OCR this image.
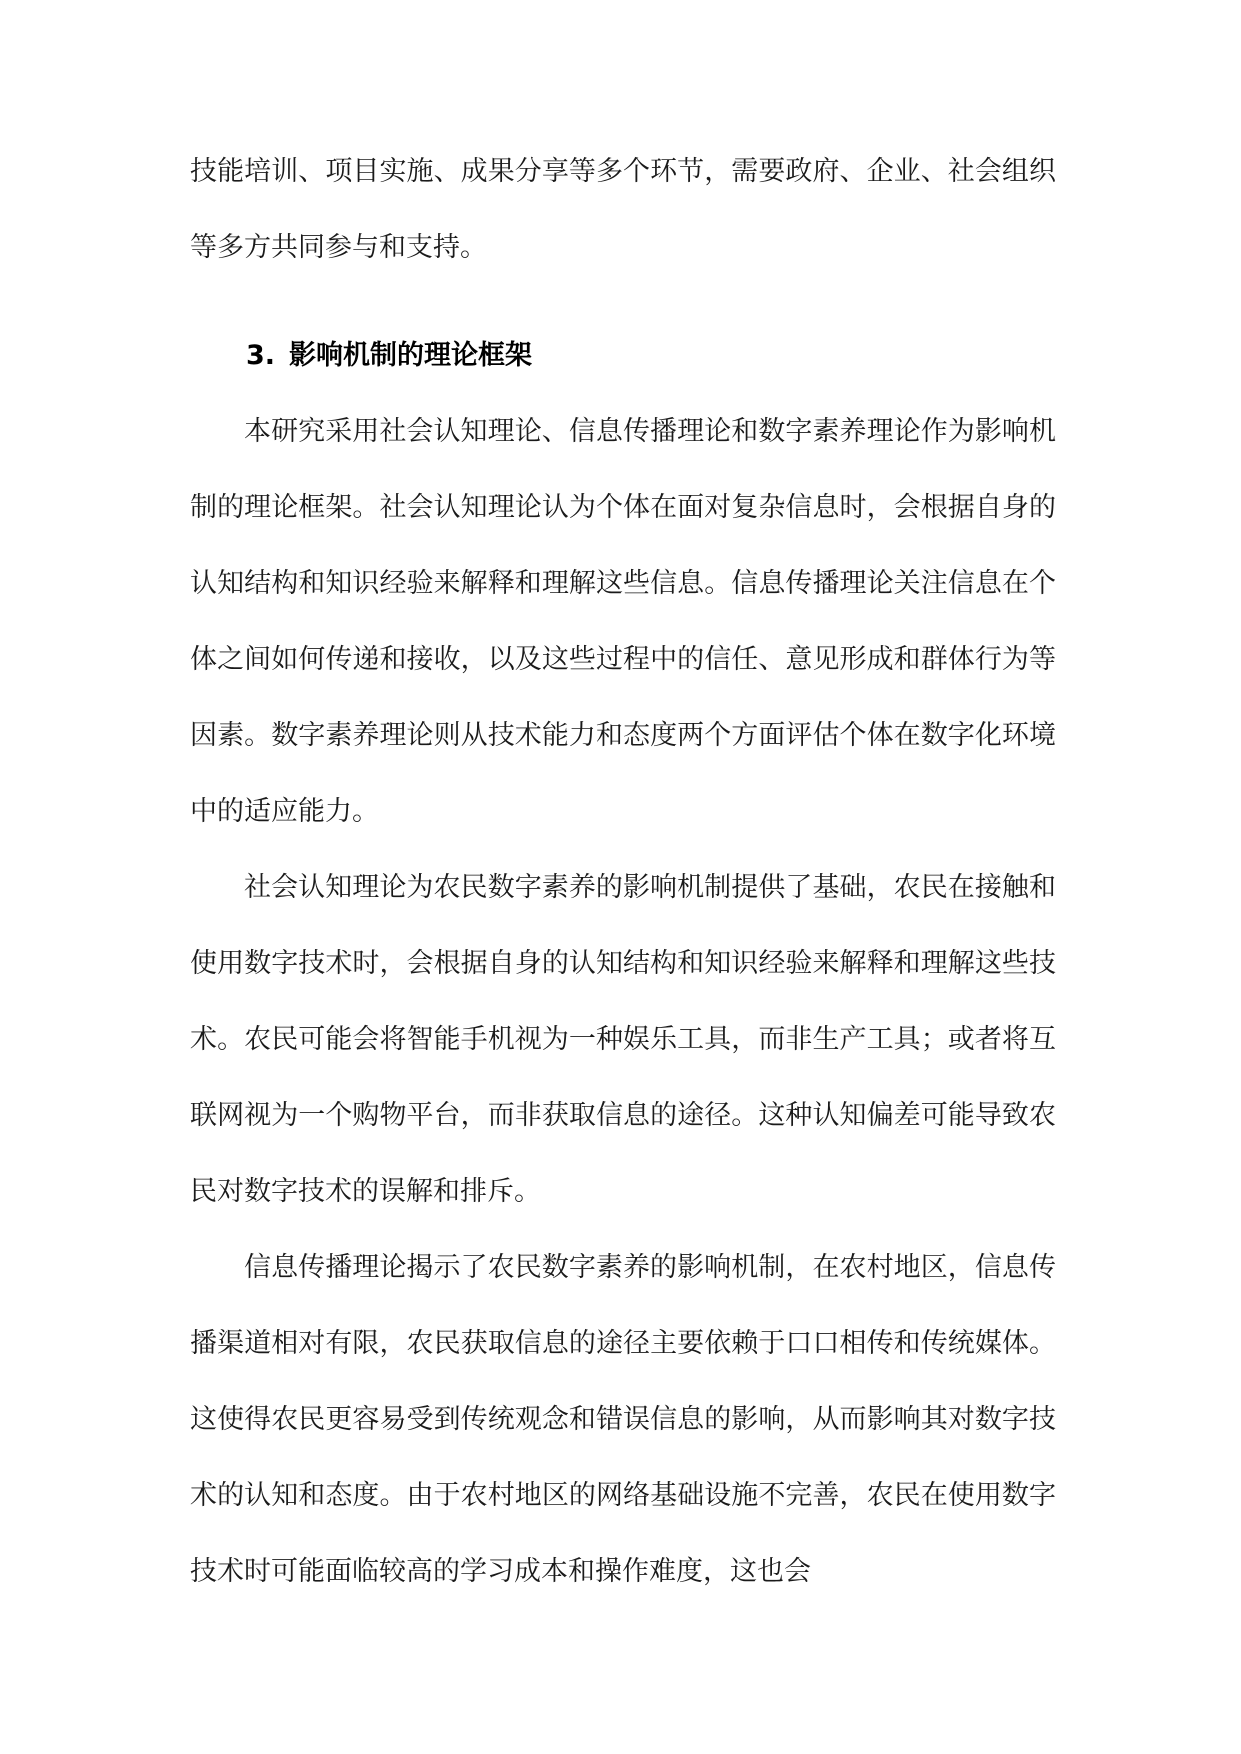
技能培训、项目实施、成果分享等多个环节，需要政府、企业、社会组织等多方共同参与和支持。
3. 影响机制的理论框架

本研究采用社会认知理论、信息传播理论和数字素养理论作为影响机制的理论框架。社会认知理论认为个体在面对复杂信息时，会根据自身的认知结构和知识经验来解释和理解这些信息。信息传播理论关注信息在个体之间如何传递和接收，以及这些过程中的信任、意见形成和群体行为等因素。数字素养理论则从技术能力和态度两个方面评估个体在数字化环境中的适应能力。

社会认知理论为农民数字素养的影响机制提供了基础，农民在接触和使用数字技术时，会根据自身的认知结构和知识经验来解释和理解这些技术。农民可能会将智能手机视为一种娱乐工具，而非生产工具；或者将互联网视为一个购物平台，而非获取信息的途径。这种认知偏差可能导致农民对数字技术的误解和排斥。

信息传播理论揭示了农民数字素养的影响机制，在农村地区，信息传播渠道相对有限，农民获取信息的途径主要依赖于口口相传和传统媒体。这使得农民更容易受到传统观念和错误信息的影响，从而影响其对数字技术的认知和态度。由于农村地区的网络基础设施不完善，农民在使用数字技术时可能面临较高的学习成本和操作难度，这也会
